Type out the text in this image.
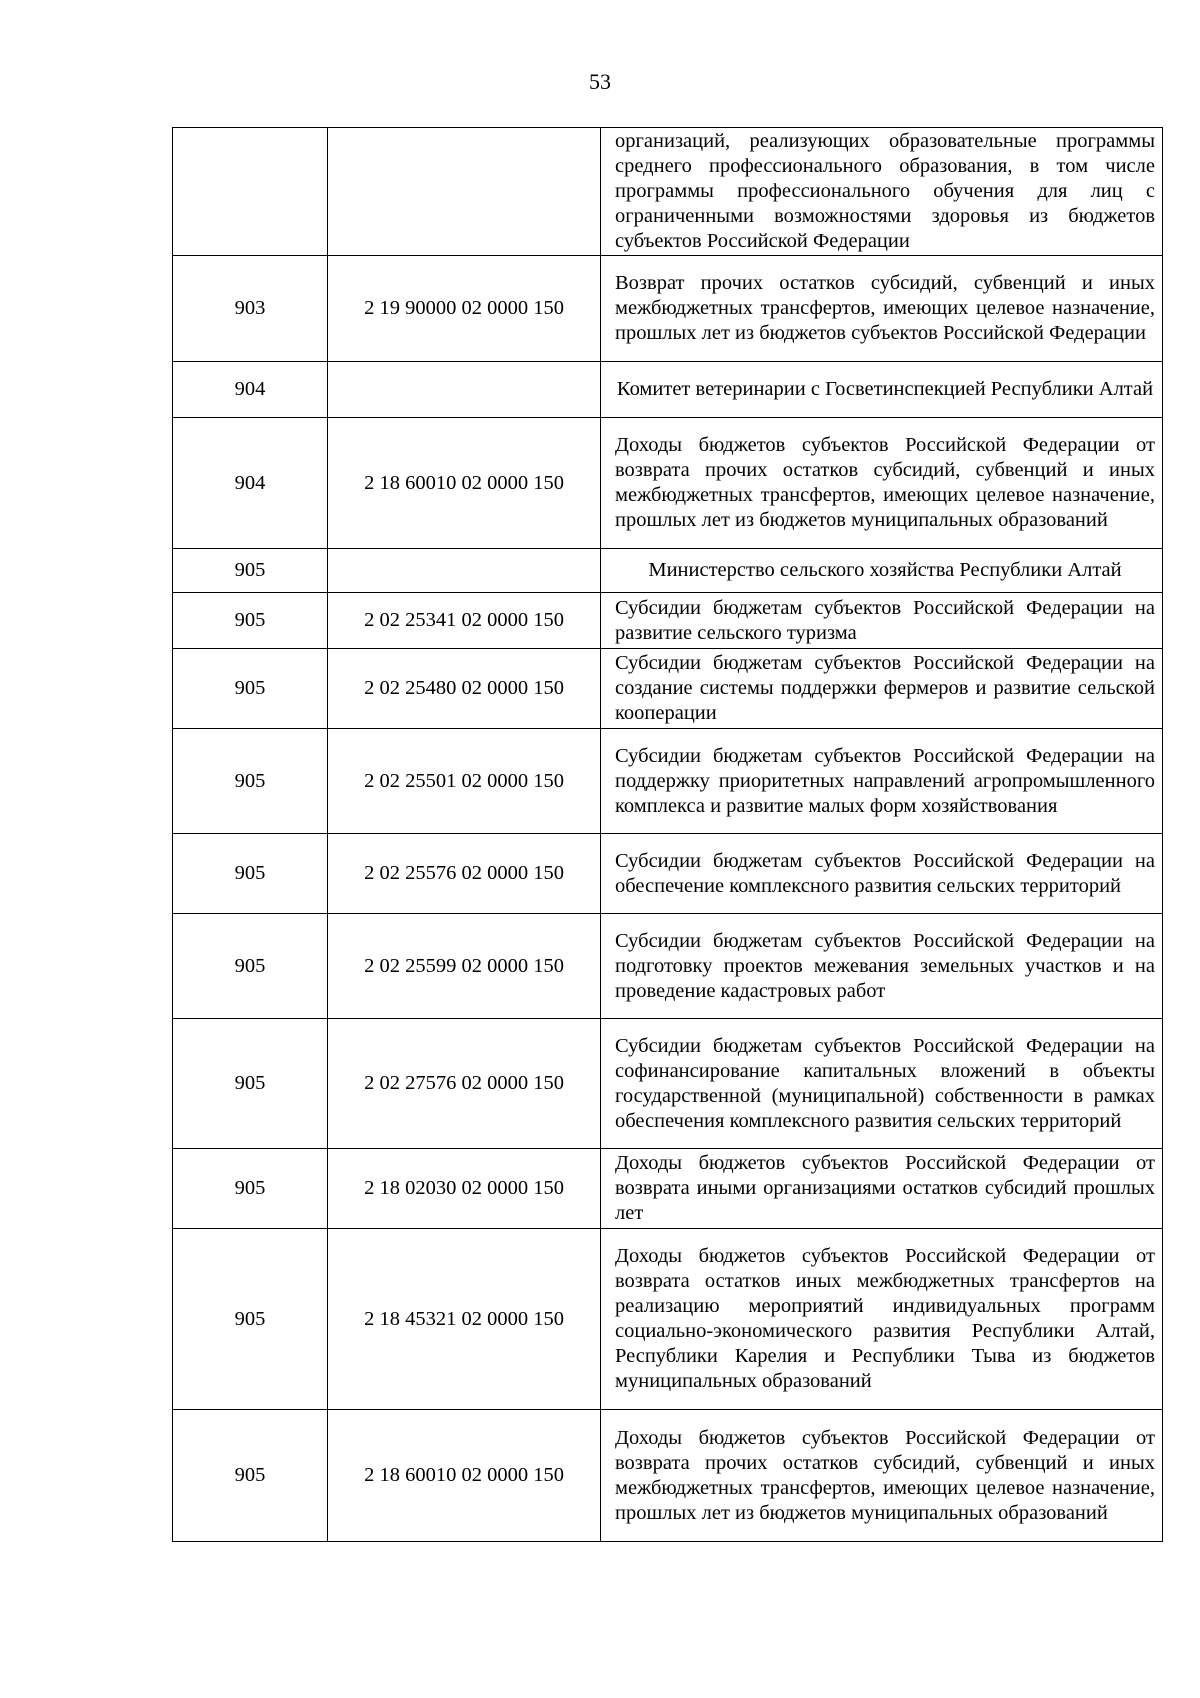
53

		организаций, реализующих образовательные программы среднего профессионального образования, в том числе программы профессионального обучения для лиц с ограниченными возможностями здоровья из бюджетов субъектов Российской Федерации

903	2 19 90000 02 0000 150	Возврат прочих остатков субсидий, субвенций и иных межбюджетных трансфертов, имеющих целевое назначение, прошлых лет из бюджетов субъектов Российской Федерации

904		Комитет ветеринарии с Госветинспекцией Республики Алтай

904	2 18 60010 02 0000 150	Доходы бюджетов субъектов Российской Федерации от возврата прочих остатков субсидий, субвенций и иных межбюджетных трансфертов, имеющих целевое назначение, прошлых лет из бюджетов муниципальных образований

905		Министерство сельского хозяйства Республики Алтай

905	2 02 25341 02 0000 150	Субсидии бюджетам субъектов Российской Федерации на развитие сельского туризма

905	2 02 25480 02 0000 150	Субсидии бюджетам субъектов Российской Федерации на создание системы поддержки фермеров и развитие сельской кооперации

905	2 02 25501 02 0000 150	Субсидии бюджетам субъектов Российской Федерации на поддержку приоритетных направлений агропромышленного комплекса и развитие малых форм хозяйствования

905	2 02 25576 02 0000 150	Субсидии бюджетам субъектов Российской Федерации на обеспечение комплексного развития сельских территорий

905	2 02 25599 02 0000 150	Субсидии бюджетам субъектов Российской Федерации на подготовку проектов межевания земельных участков и на проведение кадастровых работ

905	2 02 27576 02 0000 150	Субсидии бюджетам субъектов Российской Федерации на софинансирование капитальных вложений в объекты государственной (муниципальной) собственности в рамках обеспечения комплексного развития сельских территорий

905	2 18 02030 02 0000 150	Доходы бюджетов субъектов Российской Федерации от возврата иными организациями остатков субсидий прошлых лет

905	2 18 45321 02 0000 150	Доходы бюджетов субъектов Российской Федерации от возврата остатков иных межбюджетных трансфертов на реализацию мероприятий индивидуальных программ социально-экономического развития Республики Алтай, Республики Карелия и Республики Тыва из бюджетов муниципальных образований

905	2 18 60010 02 0000 150	Доходы бюджетов субъектов Российской Федерации от возврата прочих остатков субсидий, субвенций и иных межбюджетных трансфертов, имеющих целевое назначение, прошлых лет из бюджетов муниципальных образований
